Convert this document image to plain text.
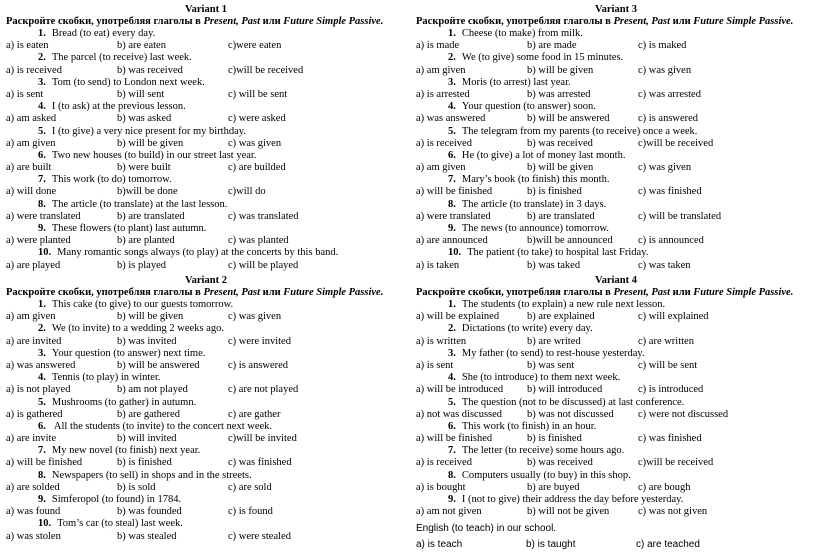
Variant 1
Раскройте скобки, употребляя глаголы в Present, Past или Future Simple Passive.
1. Bread (to eat) every day.
a) is eaten	b) are eaten	c)were eaten
2. The parcel (to receive) last week.
a) is received	b) was received	c)will be received
3. Tom (to send) to London next week.
a) is sent	b) will sent	c) will be sent
4. I (to ask) at the previous lesson.
a) am asked	b) was asked	c) were asked
5. I (to give) a very nice present for my birthday.
a) am given	b) will be given	c) was given
6. Two new houses (to build) in our street last year.
a) are built	b) were built	c) are builded
7. This work (to do) tomorrow.
a) will done	b)will be done	c)will do
8. The article (to translate) at the last lesson.
a) were translated	b) are translated	c) was translated
9. These flowers (to plant) last autumn.
a) were planted	b) are planted	c) was planted
10. Many romantic songs always (to play) at the concerts by this band.
a) are played	b) is played	c) will be played
Variant 2
Раскройте скобки, употребляя глаголы в Present, Past или Future Simple Passive.
1. This cake (to give) to our guests tomorrow.
a) am given	b) will be given	c) was given
2. We (to invite) to a wedding 2 weeks ago.
a) are invited	b) was invited	c) were invited
3. Your question (to answer) next time.
a) was answered	b) will be answered	c) is answered
4. Tennis (to play) in winter.
a) is not played	b) am not played	c) are not played
5. Mushrooms (to gather) in autumn.
a) is gathered	b) are gathered	c) are gather
6. All the students (to invite) to the concert next week.
a) are invite	b) will invited	c)will be invited
7. My new novel (to finish) next year.
a) will be finished	b) is finished	c) was finished
8. Newspapers (to sell) in shops and in the streets.
a) are solded	b) is sold	c) are sold
9. Simferopol (to found) in 1784.
a) was found	b) was founded	c) is found
10. Tom’s car (to steal) last week.
a) was stolen	b) was stealed	c) were stealed
Variant 3
Раскройте скобки, употребляя глаголы в Present, Past или Future Simple Passive.
1. Cheese (to make) from milk.
a) is made	b) are made	c) is maked
2. We (to give) some food in 15 minutes.
a) am given	b) will be given	c) was given
3. Moris (to arrest) last year.
a) is arrested	b) was arrested	c) was arrested
4. Your question (to answer) soon.
a) was answered	b) will be answered	c) is answered
5. The telegram from my parents (to receive) once a week.
a) is received	b) was received	c)will be received
6. He (to give) a lot of money last month.
a) am given	b) will be given	c) was given
7. Mary’s book (to finish) this month.
a) will be finished	b) is finished	c) was finished
8. The article (to translate) in 3 days.
a) were translated	b) are translated	c) will be translated
9. The news (to announce) tomorrow.
a) are announced	b)will be announced c) is announced
10. The patient (to take) to hospital last Friday.
a) is taken	b) was taked	c) was taken
Variant 4
Раскройте скобки, употребляя глаголы в Present, Past или Future Simple Passive.
1. The students (to explain) a new rule next lesson.
a) will be explained	b) are explained	c) will explained
2. Dictations (to write) every day.
a) is written	b) are writed	c) are written
3. My father (to send) to rest-house yesterday.
a) is sent	b) was sent	c) will be sent
4. She (to introduce) to them next week.
a) will be introduced b) will introduced	c) is introduced
5. The question (not to be discussed) at last conference.
a) not was discussed b) was not discussed c) were not discussed
6. This work (to finish) in an hour.
a) will be finished	b) is finished	c) was finished
7. The letter (to receive) some hours ago.
a) is received	b) was received	c)will be received
8. Computers usually (to buy) in this shop.
a) is bought	b) are buyed	c) are bough
9. I (not to give) their address the day before yesterday.
a) am not given	b) will not be given	c) was not given
English (to teach) in our school.
a) is teach	b) is taught	c) are teached
